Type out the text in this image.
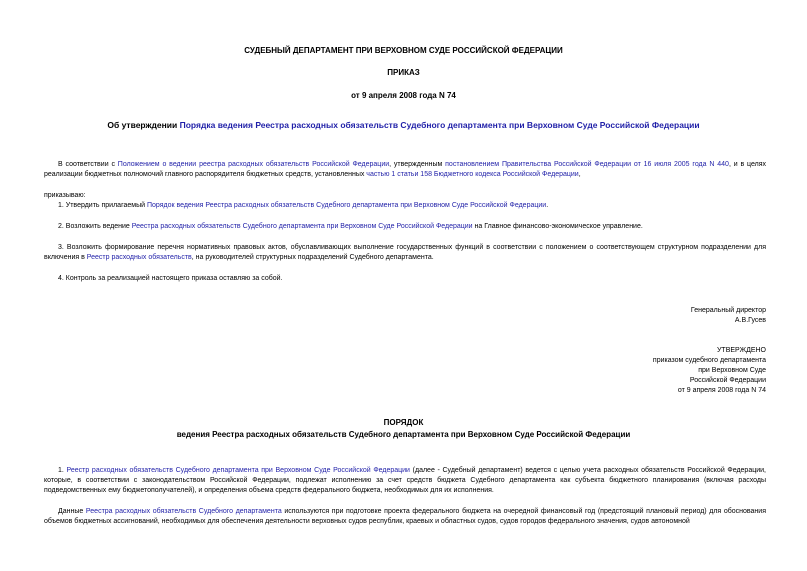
СУДЕБНЫЙ ДЕПАРТАМЕНТ ПРИ ВЕРХОВНОМ СУДЕ РОССИЙСКОЙ ФЕДЕРАЦИИ
ПРИКАЗ
от 9 апреля 2008 года N 74
Об утверждении Порядка ведения Реестра расходных обязательств Судебного департамента при Верховном Суде Российской Федерации
В соответствии с Положением о ведении реестра расходных обязательств Российской Федерации, утвержденным постановлением Правительства Российской Федерации от 16 июля 2005 года N 440, и в целях реализации бюджетных полномочий главного распорядителя бюджетных средств, установленных частью 1 статьи 158 Бюджетного кодекса Российской Федерации,
приказываю:
1. Утвердить прилагаемый Порядок ведения Реестра расходных обязательств Судебного департамента при Верховном Суде Российской Федерации.
2. Возложить ведение Реестра расходных обязательств Судебного департамента при Верховном Суде Российской Федерации на Главное финансово-экономическое управление.
3. Возложить формирование перечня нормативных правовых актов, обуславливающих выполнение государственных функций в соответствии с положением о соответствующем структурном подразделении для включения в Реестр расходных обязательств, на руководителей структурных подразделений Судебного департамента.
4. Контроль за реализацией настоящего приказа оставляю за собой.
Генеральный директор
А.В.Гусев
УТВЕРЖДЕНО
приказом судебного департамента
при Верховном Суде
Российской Федерации
от 9 апреля 2008 года N 74
ПОРЯДОК
ведения Реестра расходных обязательств Судебного департамента при Верховном Суде Российской Федерации
1. Реестр расходных обязательств Судебного департамента при Верховном Суде Российской Федерации (далее - Судебный департамент) ведется с целью учета расходных обязательств Российской Федерации, которые, в соответствии с законодательством Российской Федерации, подлежат исполнению за счет средств бюджета Судебного департамента как субъекта бюджетного планирования (включая расходы подведомственных ему бюджетополучателей), и определения объема средств федерального бюджета, необходимых для их исполнения.
Данные Реестра расходных обязательств Судебного департамента используются при подготовке проекта федерального бюджета на очередной финансовый год (предстоящий плановый период) для обоснования объемов бюджетных ассигнований, необходимых для обеспечения деятельности верховных судов республик, краевых и областных судов, судов городов федерального значения, судов автономной
